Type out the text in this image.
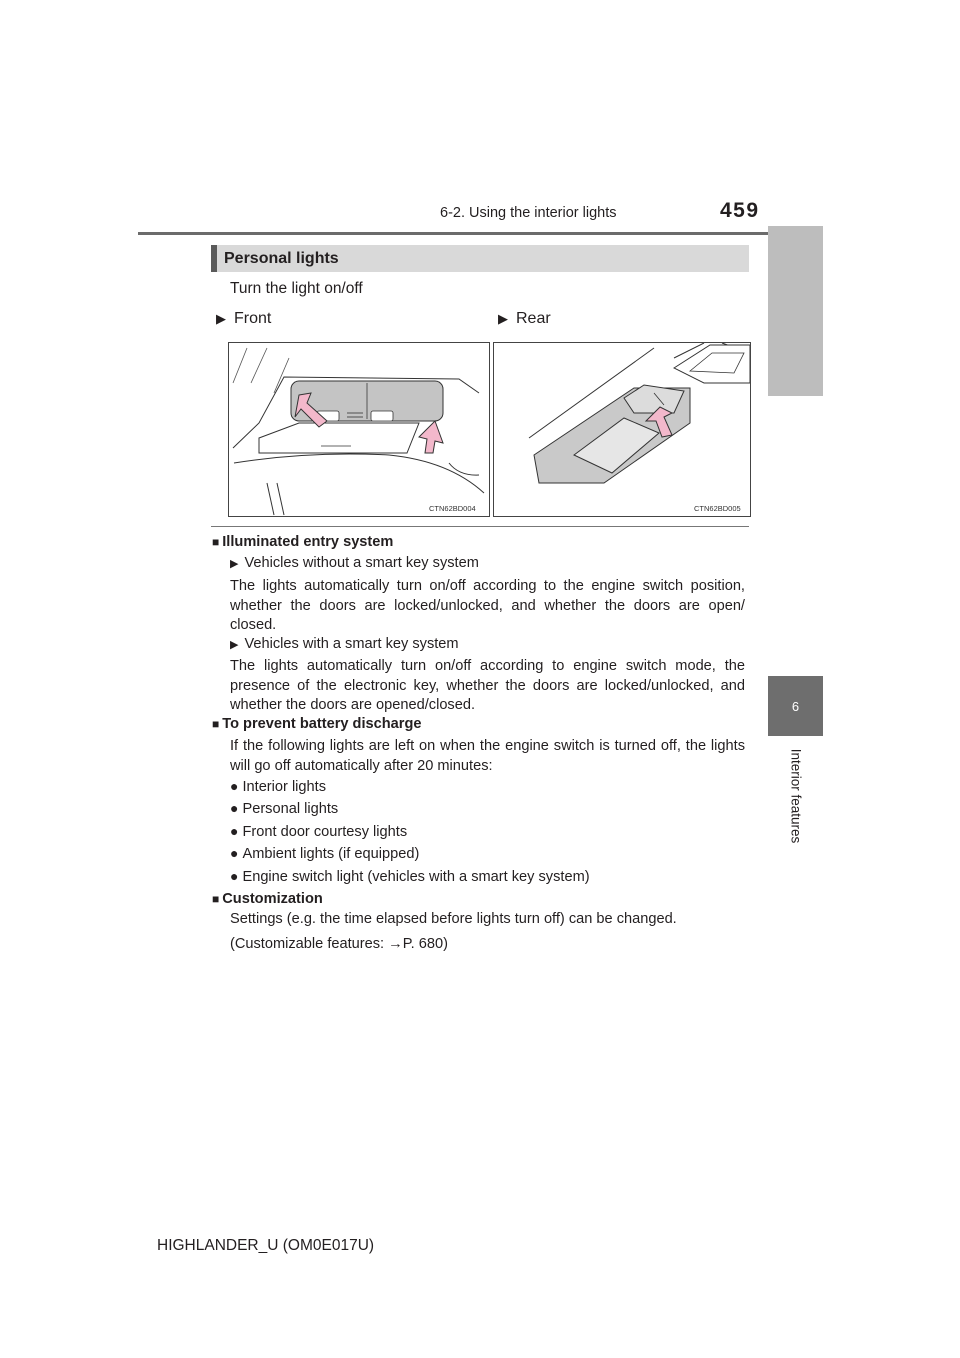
6-2. Using the interior lights	459
6
Interior features
Personal lights
Turn the light on/off
▶ Front	▶ Rear
CTN62BD004	CTN62BD005
■ Illuminated entry system
▶ Vehicles without a smart key system
The lights automatically turn on/off according to the engine switch position, whether the doors are locked/unlocked, and whether the doors are open/ closed.
▶ Vehicles with a smart key system
The lights automatically turn on/off according to engine switch mode, the presence of the electronic key, whether the doors are locked/unlocked, and whether the doors are opened/closed.
■ To prevent battery discharge
If the following lights are left on when the engine switch is turned off, the lights will go off automatically after 20 minutes:
● Interior lights
● Personal lights
● Front door courtesy lights
● Ambient lights (if equipped)
● Engine switch light (vehicles with a smart key system)
■ Customization
Settings (e.g. the time elapsed before lights turn off) can be changed.
(Customizable features: →P. 680)
HIGHLANDER_U (OM0E017U)
